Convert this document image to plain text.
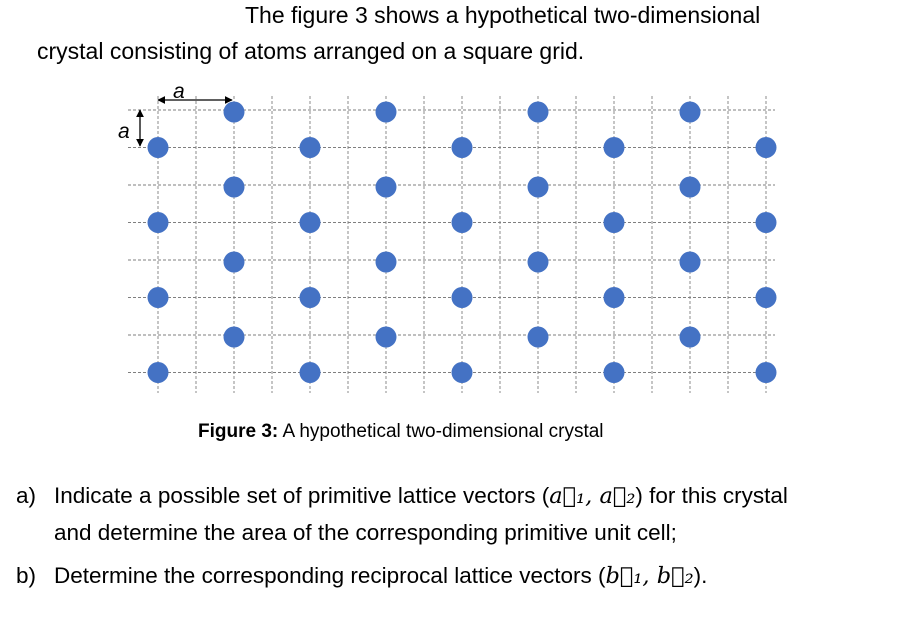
The figure 3 shows a hypothetical two-dimensional
crystal consisting of atoms arranged on a square grid.
a
a
Figure 3: A hypothetical two-dimensional crystal
a) Indicate a possible set of primitive lattice vectors (a⃗₁, a⃗₂) for this crystal
and determine the area of the corresponding primitive unit cell;
b) Determine the corresponding reciprocal lattice vectors (b⃗₁, b⃗₂).
